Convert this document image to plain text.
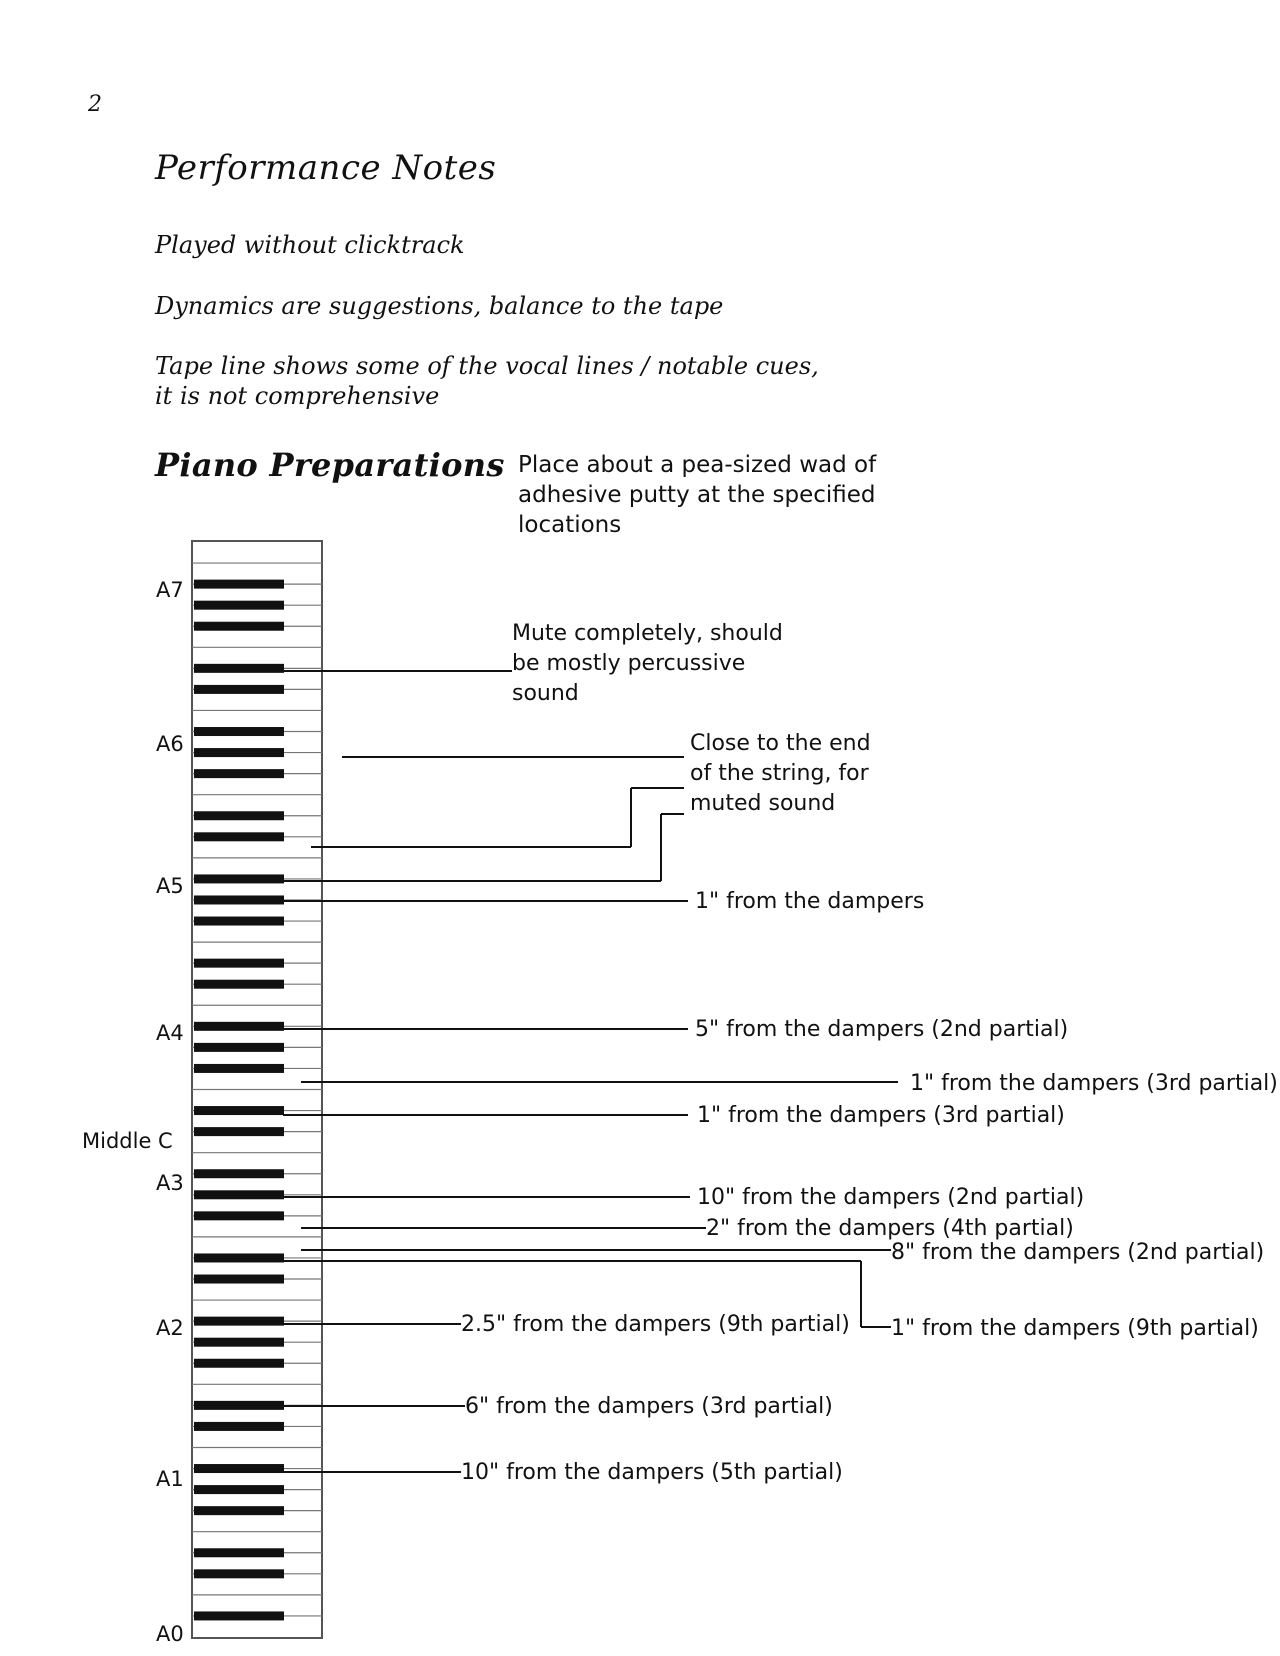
2
Performance Notes
Played without clicktrack
Dynamics are suggestions, balance to the tape
Tape line shows some of the vocal lines / notable cues,
it is not comprehensive
Piano Preparations Place about a pea-sized wad of adhesive putty at the specified locations
A7
A6
A5
A4
Middle C
A3
A2
A1
A0
Mute completely, should be mostly percussive sound
Close to the end of the string, for muted sound
1" from the dampers
5" from the dampers (2nd partial)
1" from the dampers (3rd partial)
1" from the dampers (3rd partial)
10" from the dampers (2nd partial)
2" from the dampers (4th partial)
8" from the dampers (2nd partial)
2.5" from the dampers (9th partial) 1" from the dampers (9th partial)
6" from the dampers (3rd partial)
10" from the dampers (5th partial)
